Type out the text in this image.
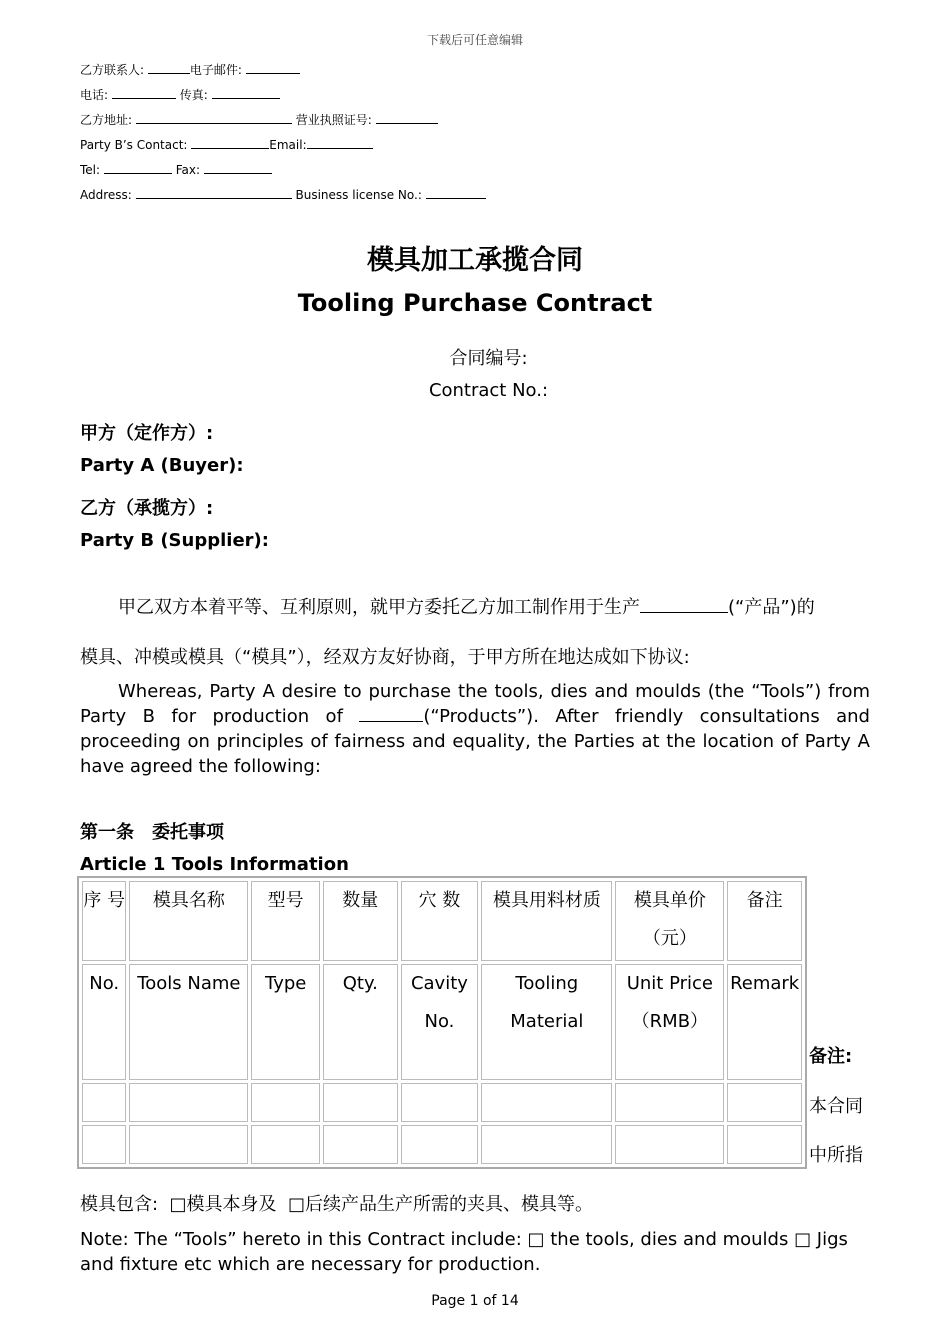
下载后可任意编辑
乙方联系人:	电子邮件:
电话:	传真:
乙方地址:	营业执照证号:
Party B’s Contact:	Email:
Tel:	Fax:
Address:	Business license No.:
模具加工承揽合同
Tooling Purchase Contract
合同编号:
Contract No.:
甲方（定作方）:
Party A (Buyer):
乙方（承揽方）:
Party B (Supplier):
甲乙双方本着平等、互利原则，就甲方委托乙方加工制作用于生产	(“产品”)的
模具、冲模或模具（“模具”），经双方友好协商，于甲方所在地达成如下协议:
Whereas, Party A desire to purchase the tools, dies and moulds (the “Tools”) from Party B for production of	(“Products”). After friendly consultations and proceeding on principles of fairness and equality, the Parties at the location of Party A have agreed the following:
第一条　委托事项
Article 1 Tools Information
序 号	模具名称	型号	数量	穴 数	模具用料材质	模具单价（元）	备注
No.	Tools Name	Type	Qty.	Cavity No.	Tooling Material	Unit Price（RMB）	Remark

备注:
本合同
中所指
模具包含: □模具本身及 □后续产品生产所需的夹具、模具等。
Note: The “Tools” hereto in this Contract include: □ the tools, dies and moulds □ Jigs and fixture etc which are necessary for production.
Page 1 of 14
